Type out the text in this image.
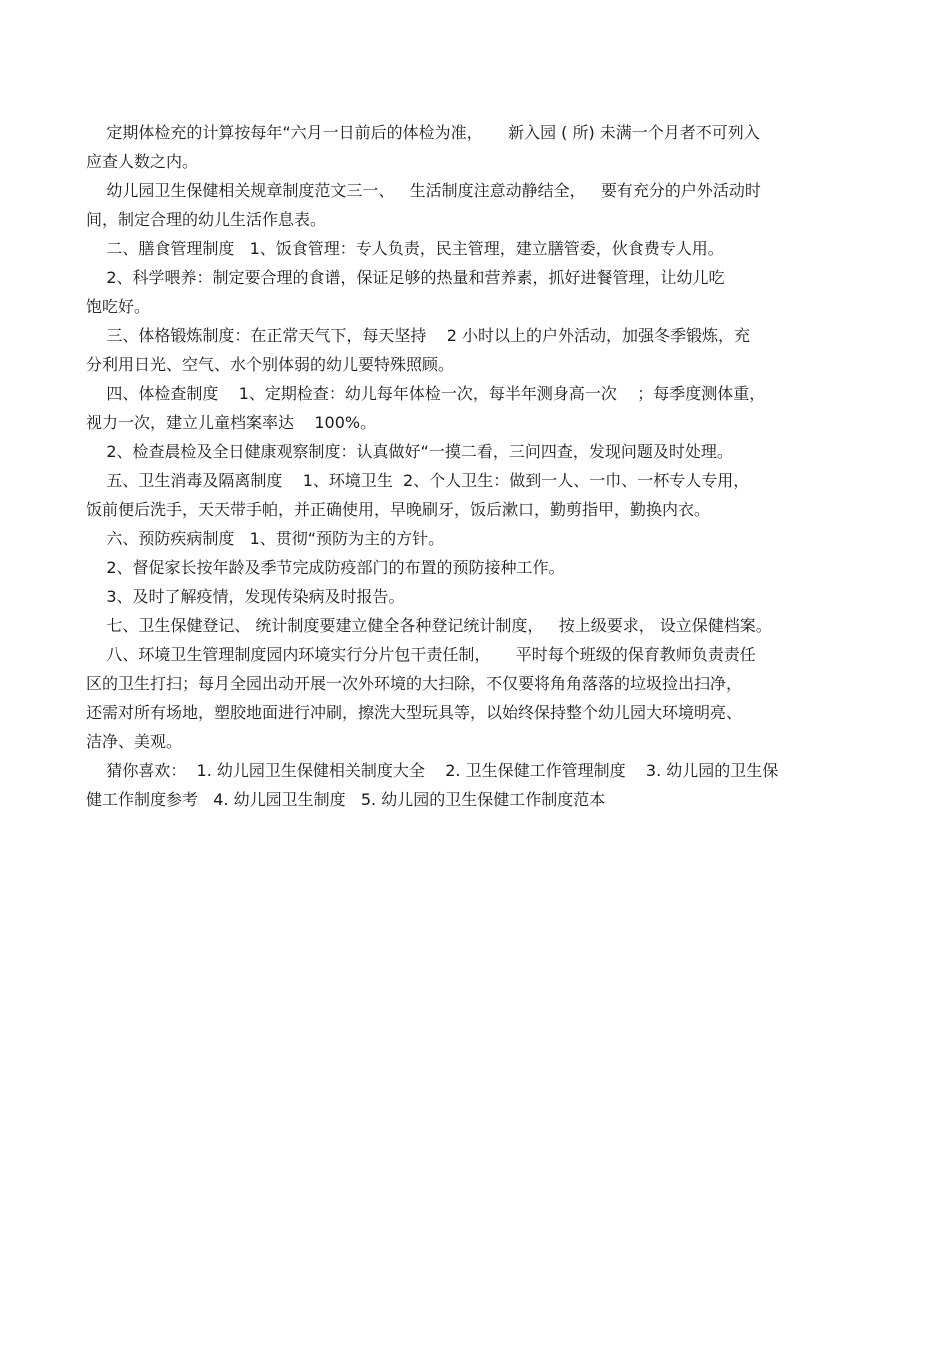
定期体检充的计算按每年“六月一日前后的体检为准，     新入园 ( 所) 未满一个月者不可列入
应查人数之内。
幼儿园卫生保健相关规章制度范文三一、   生活制度注意动静结全，   要有充分的户外活动时
间，制定合理的幼儿生活作息表。
二、膳食管理制度   1、饭食管理：专人负责，民主管理，建立膳管委，伙食费专人用。
2、科学喂养：制定要合理的食谱，保证足够的热量和营养素，抓好进餐管理，让幼儿吃
饱吃好。
三、体格锻炼制度：在正常天气下，每天坚持    2 小时以上的户外活动，加强冬季锻炼，充
分利用日光、空气、水个别体弱的幼儿要特殊照顾。
四、体检查制度    1、定期检查：幼儿每年体检一次，每半年测身高一次    ；每季度测体重，
视力一次，建立儿童档案率达    100%。
2、检查晨检及全日健康观察制度：认真做好“一摸二看，三问四查，发现问题及时处理。
五、卫生消毒及隔离制度    1、环境卫生  2、个人卫生：做到一人、一巾、一杯专人专用，
饭前便后洗手，天天带手帕，并正确使用，早晚刷牙，饭后漱口，勤剪指甲，勤换内衣。
六、预防疾病制度   1、贯彻“预防为主的方针。
2、督促家长按年龄及季节完成防疫部门的布置的预防接种工作。
3、及时了解疫情，发现传染病及时报告。
七、卫生保健登记、 统计制度要建立健全各种登记统计制度，   按上级要求， 设立保健档案。
八、环境卫生管理制度园内环境实行分片包干责任制，     平时每个班级的保育教师负责责任
区的卫生打扫；每月全园出动开展一次外环境的大扫除，不仅要将角角落落的垃圾捡出扫净，
还需对所有场地，塑胶地面进行冲刷，擦洗大型玩具等，以始终保持整个幼儿园大环境明亮、
洁净、美观。
猜你喜欢：  1. 幼儿园卫生保健相关制度大全    2. 卫生保健工作管理制度    3. 幼儿园的卫生保
健工作制度参考   4. 幼儿园卫生制度   5. 幼儿园的卫生保健工作制度范本
